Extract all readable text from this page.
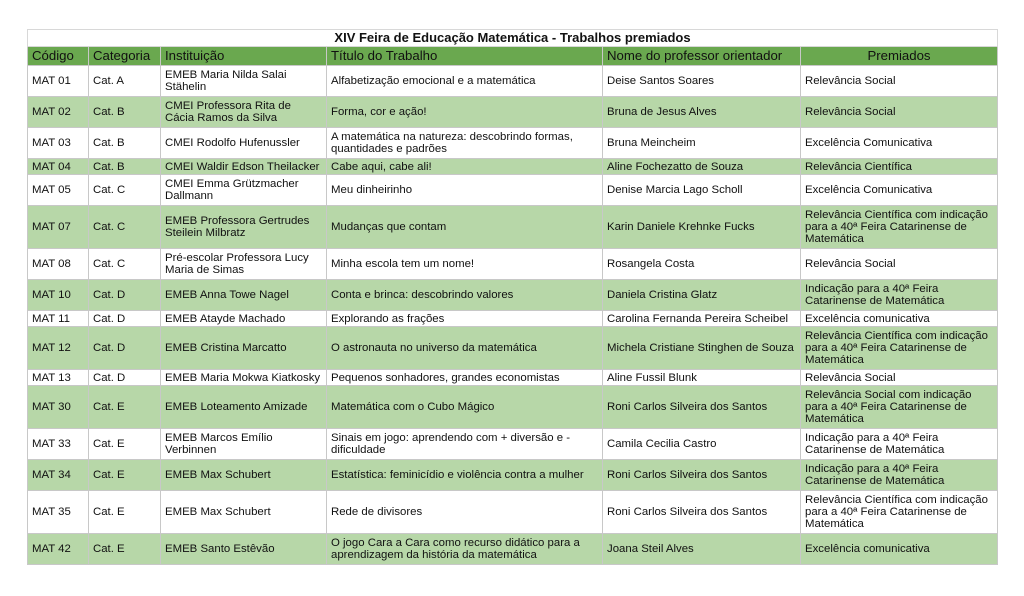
XIV Feira de Educação Matemática - Trabalhos premiados					
Código	Categoria	Instituição	Título do Trabalho	Nome do professor orientador	Premiados
MAT 01	Cat. A	EMEB Maria Nilda Salai Stähelin	Alfabetização emocional e a matemática	Deise Santos Soares	Relevância Social
MAT 02	Cat. B	CMEI Professora Rita de Cácia Ramos da Silva	Forma, cor e ação!	Bruna de Jesus Alves	Relevância Social
MAT 03	Cat. B	CMEI Rodolfo Hufenussler	A matemática na natureza: descobrindo formas, quantidades e padrões	Bruna Meincheim	Excelência Comunicativa
MAT 04	Cat. B	CMEI Waldir Edson Theilacker	Cabe aqui, cabe ali!	Aline Fochezatto de Souza	Relevância Científica
MAT 05	Cat. C	CMEI Emma Grützmacher Dallmann	Meu dinheirinho	Denise Marcia Lago Scholl	Excelência Comunicativa
MAT 07	Cat. C	EMEB Professora Gertrudes Steilein Milbratz	Mudanças que contam	Karin Daniele Krehnke Fucks	Relevância Científica com indicação para a 40ª Feira Catarinense de Matemática
MAT 08	Cat. C	Pré-escolar Professora Lucy Maria de Simas	Minha escola tem um nome!	Rosangela Costa	Relevância Social
MAT 10	Cat. D	EMEB Anna Towe Nagel	Conta e brinca: descobrindo valores	Daniela Cristina Glatz	Indicação para a 40ª Feira Catarinense de Matemática
MAT 11	Cat. D	EMEB Atayde Machado	Explorando as frações	Carolina Fernanda Pereira Scheibel	Excelência comunicativa
MAT 12	Cat. D	EMEB Cristina Marcatto	O astronauta no universo da matemática	Michela Cristiane Stinghen de Souza	Relevância Científica com indicação para a 40ª Feira Catarinense de Matemática
MAT 13	Cat. D	EMEB Maria Mokwa Kiatkosky	Pequenos sonhadores, grandes economistas	Aline Fussil Blunk	Relevância Social
MAT 30	Cat. E	EMEB Loteamento Amizade	Matemática com o Cubo Mágico	Roni Carlos Silveira dos Santos	Relevância Social com indicação para a 40ª Feira Catarinense de Matemática
MAT 33	Cat. E	EMEB Marcos Emílio Verbinnen	Sinais em jogo: aprendendo com + diversão e - dificuldade	Camila Cecilia Castro	Indicação para a 40ª Feira Catarinense de Matemática
MAT 34	Cat. E	EMEB Max Schubert	Estatística: feminicídio e violência contra a mulher	Roni Carlos Silveira dos Santos	Indicação para a 40ª Feira Catarinense de Matemática
MAT 35	Cat. E	EMEB Max Schubert	Rede de divisores	Roni Carlos Silveira dos Santos	Relevância Científica com indicação para a 40ª Feira Catarinense de Matemática
MAT 42	Cat. E	EMEB Santo Estêvão	O jogo Cara a Cara como recurso didático para a aprendizagem da história da matemática	Joana Steil Alves	Excelência comunicativa
